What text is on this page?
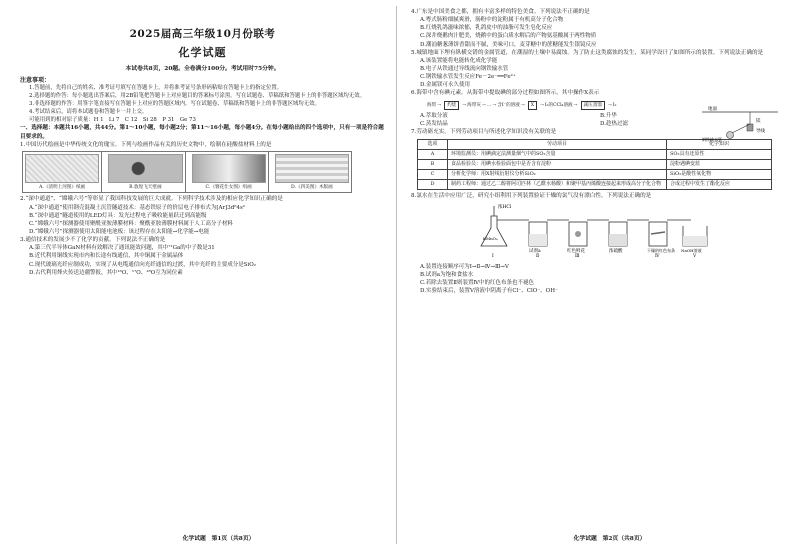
2025届高三年级10月份联考
化学试题
本试卷共8页，20题。全卷满分100分。考试用时75分钟。
注意事项：
1.答题前，先将自己的姓名、准考证号填写在答题卡上，并将准考证号条形码粘贴在答题卡上的指定位置。
2.选择题的作答：每小题选出答案后，用2B铅笔把答题卡上对应题目的答案标号涂黑。写在试题卷、草稿纸和答题卡上的非答题区域均无效。
3.非选择题的作答：用签字笔直接写在答题卡上对应的答题区域内。写在试题卷、草稿纸和答题卡上的非答题区域均无效。
4.考试结束后，请将本试题卷和答题卡一并上交。
可能用到的相对原子质量：H 1　Li 7　C 12　Si 28　P 31　Ge 73
一、选择题：本题共16小题，共44分。第1～10小题，每小题2分；第11～16小题，每小题4分。在每小题给出的四个选项中，只有一项是符合题目要求的。
1.中国历代绘画是中华传统文化的瑰宝。下列与绘画作品有关的历史文物中，绘制在硅酸盐材料上的是
A.《清明上河图》纸画	B.敦煌飞天壁画	C.《簪花仕女图》绢画	D.《四美图》木版画
2.“深中通道”、“嫦娥六号”等彰显了我国科技发展的巨大成就。下列科学技术涉及的相应化学知识正确的是
A.“深中通道”使用钢壳混凝土沉管隧道技术：基态铁原子的价层电子排布式为[Ar]3d⁶4s²
B.“深中通道”隧道使用的LED灯具：发光过程电子吸收能量跃迁到高能级
C.“嫦娥六号”探测器使用聚酰亚胺薄膜材料：聚酰亚胺薄膜材料属于人工高分子材料
D.“嫦娥六号”探测器使用太阳能电池板：该过程存在太阳能→化学能→电能
3.通信技术的发展少不了化学的贡献。下列说法不正确的是
A.第三代半导体GaN材料有效解决了通讯能效问题，其中⁷¹Ga的中子数是31
B.近代利用铜线实现市内和长途有线通信，其中铜属于金属晶体
C.现代玻璃光纤应制成功，实现了从电缆通信向光纤通信的过渡，其中光纤的主要成分是SiO₂
D.古代利用烽火传送边疆警报，其中¹⁶O、¹⁷O、¹⁸O互为同位素
化学试题　第1页（共8页）
4.广东是中国美食之都，拥有丰富多样的特色美食。下列说法不正确的是
A.粤式肠粉细腻爽滑，肠粉中的淀粉属于有机高分子化合物
B.红烧乳鸽滋味浓郁，乳鸽皮中的油脂可发生皂化反应
C.深井烧鹅肉汁肥美，烧鹅中的蛋白质水解后的产物氨基酸属于两性物质
D.潮汕糖葱薄饼香甜而不腻，美味可口，麦芽糖中的蔗糖能发生银镜反应
5.城镇地面下埋有纵横交错的金属管道，在潮湿的土壤中易腐蚀。为了防止这类腐蚀的发生，某同学设计了如图所示的装置。下列说法正确的是
A.该装置能将电能转化成化学能
B.电子从铁通过导线流向钢铁输水管
C.钢铁输水管发生反应Fe－2e⁻══Fe²⁺
D.金属镁可永久使用
地面
镁
导线
钢铁输水管
6.海带中含有碘元素。从海带中提取碘的部分过程如图所示，其中操作X表示
海带 →	灼烧	→ 海带灰 → … → 含I⁻的溶液 →	X	→ I₂的CCl₄溶液 →	减压蒸馏	→ I₂
A.萃取分液	B.升华
C.蒸发结晶	D.趁热过滤
7.劳动砺充实。下列劳动项目与所述化学知识没有关联的是
选项	劳动项目	化学知识
A	环境监测员：用碘滴定法测量烟气中的SO₂含量	SO₂具有还原性
B	食品检验员：用碘水检验面包中是否含有淀粉	淀粉遇碘变蓝
C	分析化学师：用X射线衍射仪分析SiO₂	SiO₂是酸性氧化物
D	制药工程师：通过乙二醇将阿司匹林（乙酰水杨酸）和聚甲基丙烯酸连接起来形成高分子化合物	合成过程中发生了酯化反应
8.氯水在生活中应用广泛，研究小组利用下列装置验证干燥的氯气没有漂白性。下列说法正确的是
浓HCl
KMnO₄
试剂a	红色鲜花	浓硫酸	干燥的红色布条 NaOH溶液
Ⅰ	Ⅱ	Ⅲ	Ⅳ	Ⅴ
A.装置连接顺序可为Ⅰ→Ⅱ→Ⅳ→Ⅲ→Ⅴ
B.试剂a为饱和食盐水
C.若除去装置Ⅱ则装置Ⅳ中的红色布条也不褪色
D.实验结束后，装置Ⅴ溶液中阴离子有Cl⁻、ClO⁻、OH⁻
化学试题　第2页（共8页）
